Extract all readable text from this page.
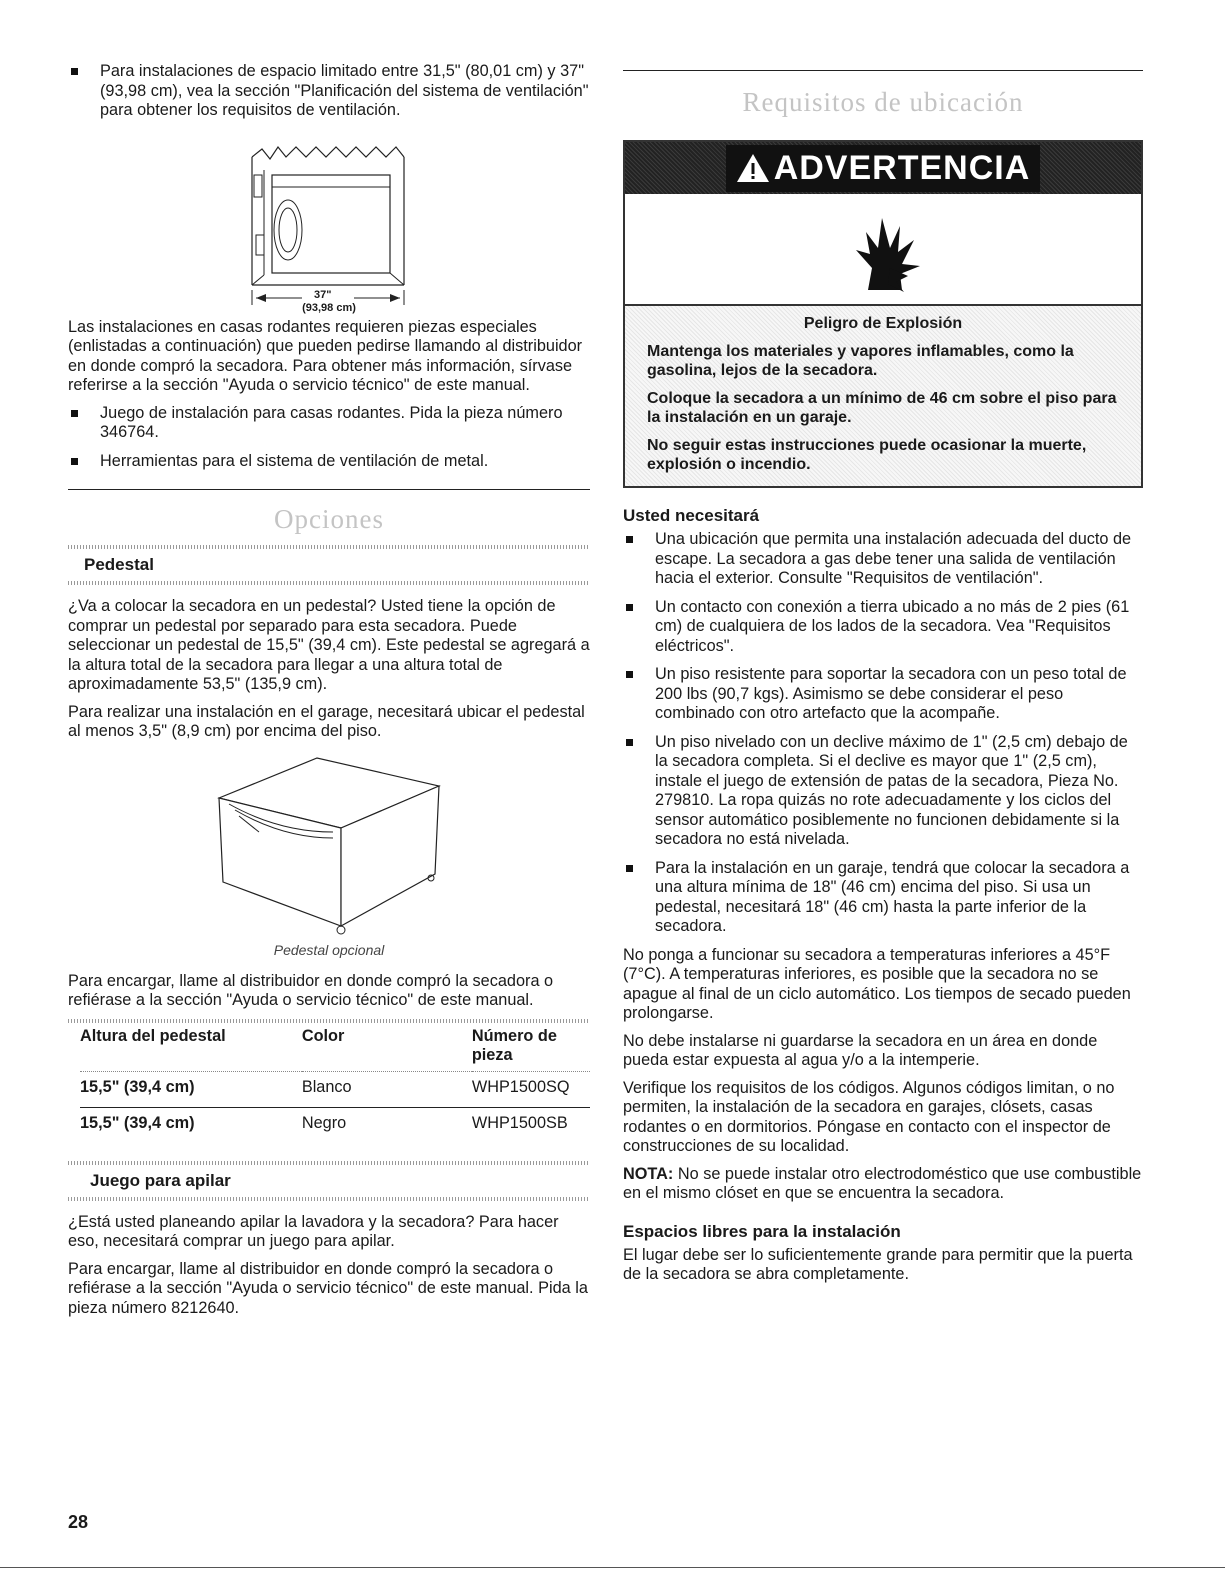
Para instalaciones de espacio limitado entre 31,5" (80,01 cm) y 37" (93,98 cm), vea la sección "Planificación del sistema de ventilación" para obtener los requisitos de ventilación.
37"
(93,98 cm)

Las instalaciones en casas rodantes requieren piezas especiales (enlistadas a continuación) que pueden pedirse llamando al distribuidor en donde compró la secadora. Para obtener más información, sírvase referirse a la sección "Ayuda o servicio técnico" de este manual.

Juego de instalación para casas rodantes. Pida la pieza número 346764.
Herramientas para el sistema de ventilación de metal.
Opciones
Pedestal

¿Va a colocar la secadora en un pedestal? Usted tiene la opción de comprar un pedestal por separado para esta secadora. Puede seleccionar un pedestal de 15,5" (39,4 cm). Este pedestal se agregará a la altura total de la secadora para llegar a una altura total de aproximadamente 53,5" (135,9 cm).

Para realizar una instalación en el garage, necesitará ubicar el pedestal al menos 3,5" (8,9 cm) por encima del piso.

Pedestal opcional

Para encargar, llame al distribuidor en donde compró la secadora o refiérase a la sección "Ayuda o servicio técnico" de este manual.

Altura del pedestal	Color	Número de pieza
15,5" (39,4 cm)	Blanco	WHP1500SQ
15,5" (39,4 cm)	Negro	WHP1500SB
Juego para apilar

¿Está usted planeando apilar la lavadora y la secadora? Para hacer eso, necesitará comprar un juego para apilar.

Para encargar, llame al distribuidor en donde compró la secadora o refiérase a la sección "Ayuda o servicio técnico" de este manual. Pida la pieza número 8212640.

Requisitos de ubicación
ADVERTENCIA

Peligro de Explosión

Mantenga los materiales y vapores inflamables, como la gasolina, lejos de la secadora.

Coloque la secadora a un mínimo de 46 cm sobre el piso para la instalación en un garaje.

No seguir estas instrucciones puede ocasionar la muerte, explosión o incendio.

Usted necesitará
Una ubicación que permita una instalación adecuada del ducto de escape. La secadora a gas debe tener una salida de ventilación hacia el exterior. Consulte "Requisitos de ventilación".
Un contacto con conexión a tierra ubicado a no más de 2 pies (61 cm) de cualquiera de los lados de la secadora. Vea "Requisitos eléctricos".
Un piso resistente para soportar la secadora con un peso total de 200 lbs (90,7 kgs). Asimismo se debe considerar el peso combinado con otro artefacto que la acompañe.
Un piso nivelado con un declive máximo de 1" (2,5 cm) debajo de la secadora completa. Si el declive es mayor que 1" (2,5 cm), instale el juego de extensión de patas de la secadora, Pieza No. 279810. La ropa quizás no rote adecuadamente y los ciclos del sensor automático posiblemente no funcionen debidamente si la secadora no está nivelada.
Para la instalación en un garaje, tendrá que colocar la secadora a una altura mínima de 18" (46 cm) encima del piso. Si usa un pedestal, necesitará 18" (46 cm) hasta la parte inferior de la secadora.

No ponga a funcionar su secadora a temperaturas inferiores a 45°F (7°C). A temperaturas inferiores, es posible que la secadora no se apague al final de un ciclo automático. Los tiempos de secado pueden prolongarse.

No debe instalarse ni guardarse la secadora en un área en donde pueda estar expuesta al agua y/o a la intemperie.

Verifique los requisitos de los códigos. Algunos códigos limitan, o no permiten, la instalación de la secadora en garajes, clósets, casas rodantes o en dormitorios. Póngase en contacto con el inspector de construcciones de su localidad.

NOTA: No se puede instalar otro electrodoméstico que use combustible en el mismo clóset en que se encuentra la secadora.

Espacios libres para la instalación

El lugar debe ser lo suficientemente grande para permitir que la puerta de la secadora se abra completamente.

28
